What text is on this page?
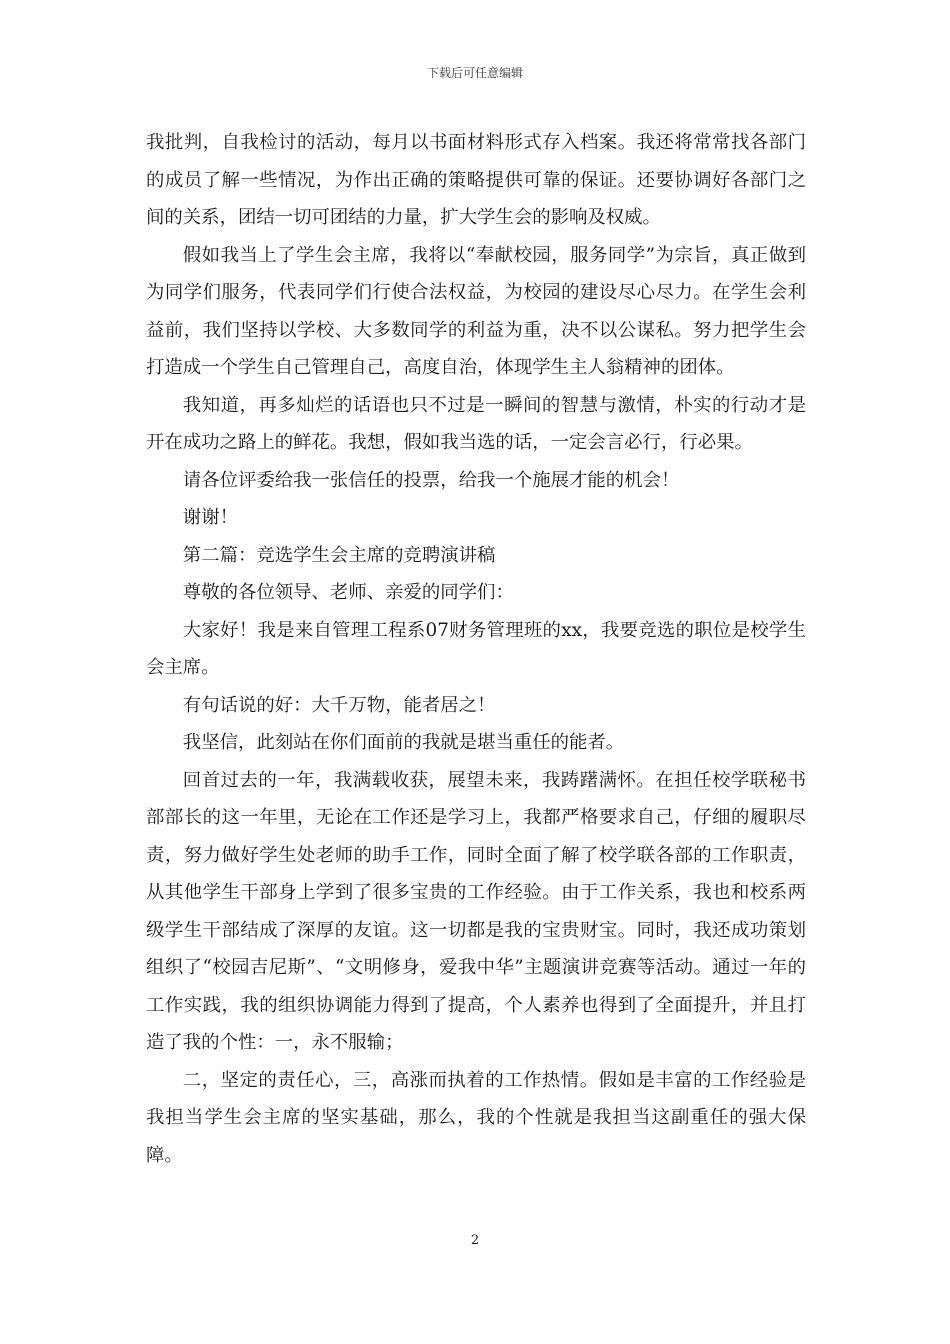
下载后可任意编辑

我批判，自我检讨的活动，每月以书面材料形式存入档案。我还将常常找各部门的成员了解一些情况，为作出正确的策略提供可靠的保证。还要协调好各部门之间的关系，团结一切可团结的力量，扩大学生会的影响及权威。

假如我当上了学生会主席，我将以“奉献校园，服务同学”为宗旨，真正做到为同学们服务，代表同学们行使合法权益，为校园的建设尽心尽力。在学生会利益前，我们坚持以学校、大多数同学的利益为重，决不以公谋私。努力把学生会打造成一个学生自己管理自己，高度自治，体现学生主人翁精神的团体。

我知道，再多灿烂的话语也只不过是一瞬间的智慧与激情，朴实的行动才是开在成功之路上的鲜花。我想，假如我当选的话，一定会言必行，行必果。

请各位评委给我一张信任的投票，给我一个施展才能的机会！

谢谢！

第二篇：竞选学生会主席的竞聘演讲稿

尊敬的各位领导、老师、亲爱的同学们：

大家好！我是来自管理工程系07财务管理班的xx，我要竞选的职位是校学生会主席。

有句话说的好：大千万物，能者居之！

我坚信，此刻站在你们面前的我就是堪当重任的能者。

回首过去的一年，我满载收获，展望未来，我踌躇满怀。在担任校学联秘书部部长的这一年里，无论在工作还是学习上，我都严格要求自己，仔细的履职尽责，努力做好学生处老师的助手工作，同时全面了解了校学联各部的工作职责，从其他学生干部身上学到了很多宝贵的工作经验。由于工作关系，我也和校系两级学生干部结成了深厚的友谊。这一切都是我的宝贵财宝。同时，我还成功策划组织了“校园吉尼斯”、“文明修身，爱我中华”主题演讲竞赛等活动。通过一年的工作实践，我的组织协调能力得到了提高，个人素养也得到了全面提升，并且打造了我的个性：一，永不服输；

二，坚定的责任心，三，高涨而执着的工作热情。假如是丰富的工作经验是我担当学生会主席的坚实基础，那么，我的个性就是我担当这副重任的强大保障。

2
